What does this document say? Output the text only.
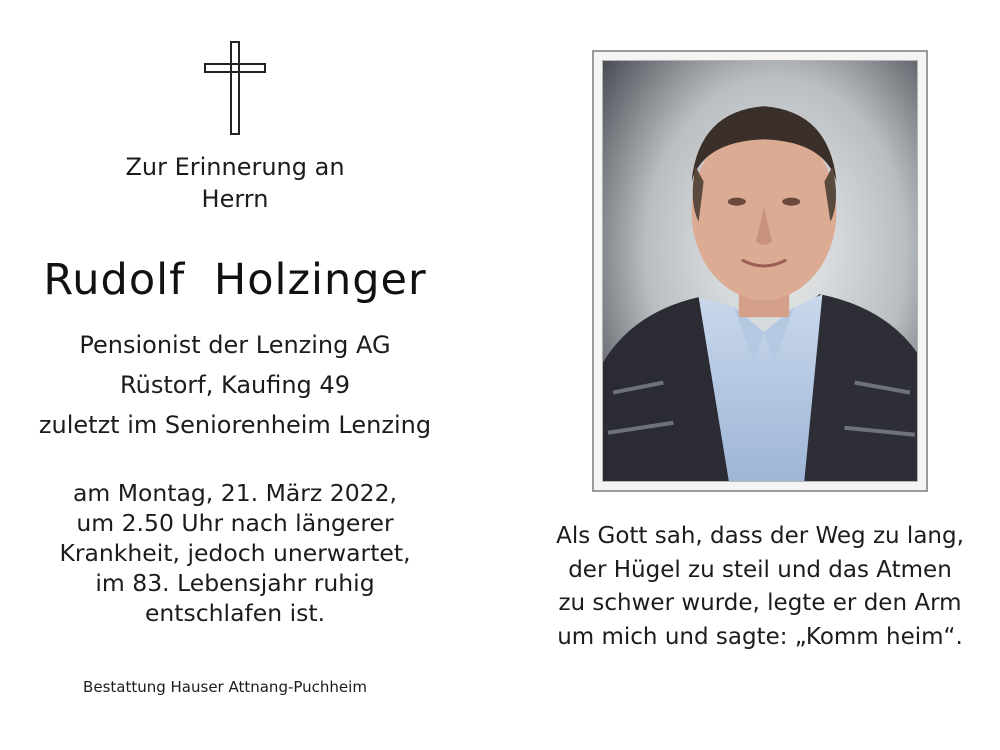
Zur Erinnerung an
Herrn
Rudolf Holzinger
Pensionist der Lenzing AG
Rüstorf, Kaufing 49
zuletzt im Seniorenheim Lenzing
am Montag, 21. März 2022,
um 2.50 Uhr nach längerer
Krankheit, jedoch unerwartet,
im 83. Lebensjahr ruhig
entschlafen ist.
Bestattung Hauser Attnang-Puchheim
Als Gott sah, dass der Weg zu lang,
der Hügel zu steil und das Atmen
zu schwer wurde, legte er den Arm
um mich und sagte: „Komm heim“.
